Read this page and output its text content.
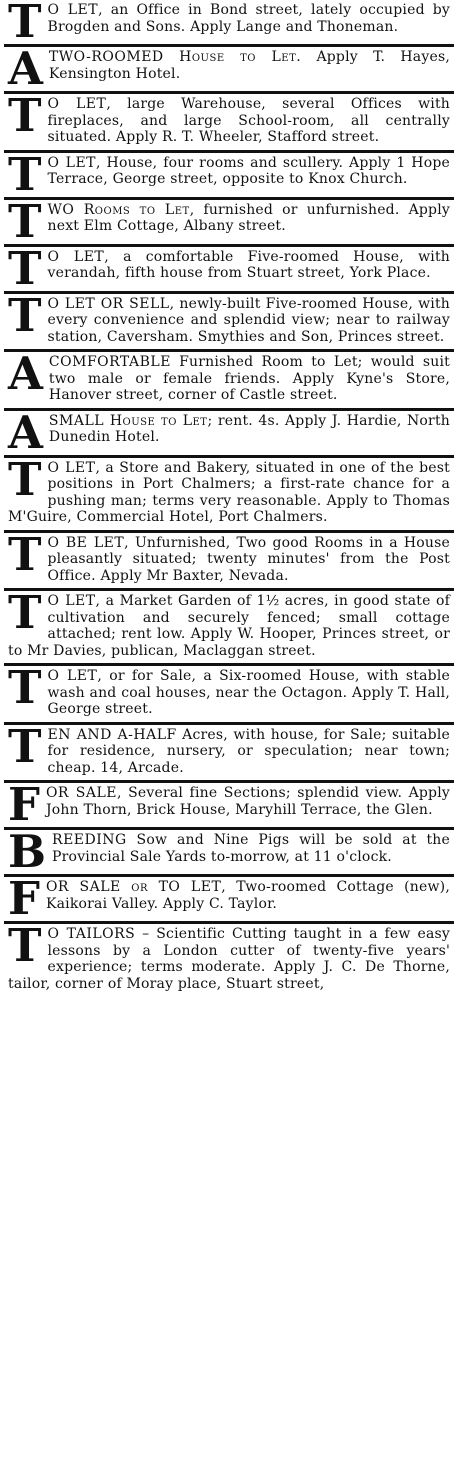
T O LET, an Office in Bond street, lately occupied by Brogden and Sons. Apply Lange and Thoneman.
A TWO-ROOMED House to Let. Apply T. Hayes, Kensington Hotel.
T O LET, large Warehouse, several Offices with fireplaces, and large School-room, all centrally situated. Apply R. T. Wheeler, Stafford street.
T O LET, House, four rooms and scullery. Apply 1 Hope Terrace, George street, opposite to Knox Church.
T WO Rooms to Let, furnished or unfurnished. Apply next Elm Cottage, Albany street.
T O LET, a comfortable Five-roomed House, with verandah, fifth house from Stuart street, York Place.
T O LET OR SELL, newly-built Five-roomed House, with every convenience and splendid view; near to railway station, Caversham. Smythies and Son, Princes street.
A COMFORTABLE Furnished Room to Let; would suit two male or female friends. Apply Kyne's Store, Hanover street, corner of Castle street.
A SMALL House to Let; rent. 4s. Apply J. Hardie, North Dunedin Hotel.
T O LET, a Store and Bakery, situated in one of the best positions in Port Chalmers; a first-rate chance for a pushing man; terms very reasonable. Apply to Thomas M'Guire, Commercial Hotel, Port Chalmers.
T O BE LET, Unfurnished, Two good Rooms in a House pleasantly situated; twenty minutes' from the Post Office. Apply Mr Baxter, Nevada.
T O LET, a Market Garden of 1½ acres, in good state of cultivation and securely fenced; small cottage attached; rent low. Apply W. Hooper, Princes street, or to Mr Davies, publican, Maclaggan street.
T O LET, or for Sale, a Six-roomed House, with stable wash and coal houses, near the Octagon. Apply T. Hall, George street.
T EN AND A-HALF Acres, with house, for Sale; suitable for residence, nursery, or speculation; near town; cheap. 14, Arcade.
F OR SALE, Several fine Sections; splendid view. Apply John Thorn, Brick House, Maryhill Terrace, the Glen.
B REEDING Sow and Nine Pigs will be sold at the Provincial Sale Yards to-morrow, at 11 o'clock.
F OR SALE or TO LET, Two-roomed Cottage (new), Kaikorai Valley. Apply C. Taylor.
T O TAILORS – Scientific Cutting taught in a few easy lessons by a London cutter of twenty-five years' experience; terms moderate. Apply J. C. De Thorne, tailor, corner of Moray place, Stuart street,
